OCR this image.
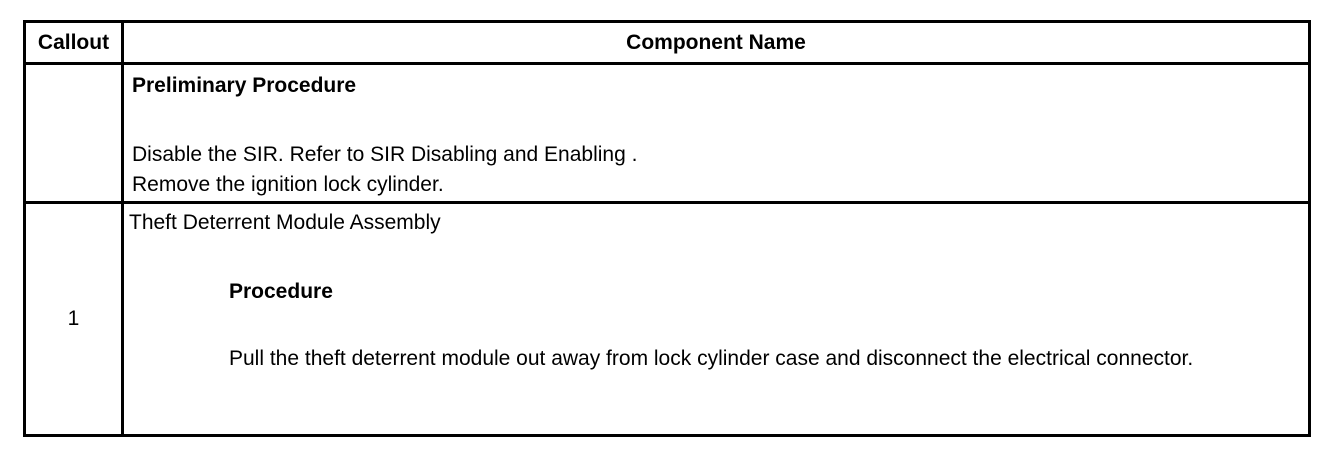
Callout	Component Name
Preliminary Procedure
Disable the SIR. Refer to SIR Disabling and Enabling .
Remove the ignition lock cylinder.
1
Theft Deterrent Module Assembly
Procedure
Pull the theft deterrent module out away from lock cylinder case and disconnect the electrical connector.
